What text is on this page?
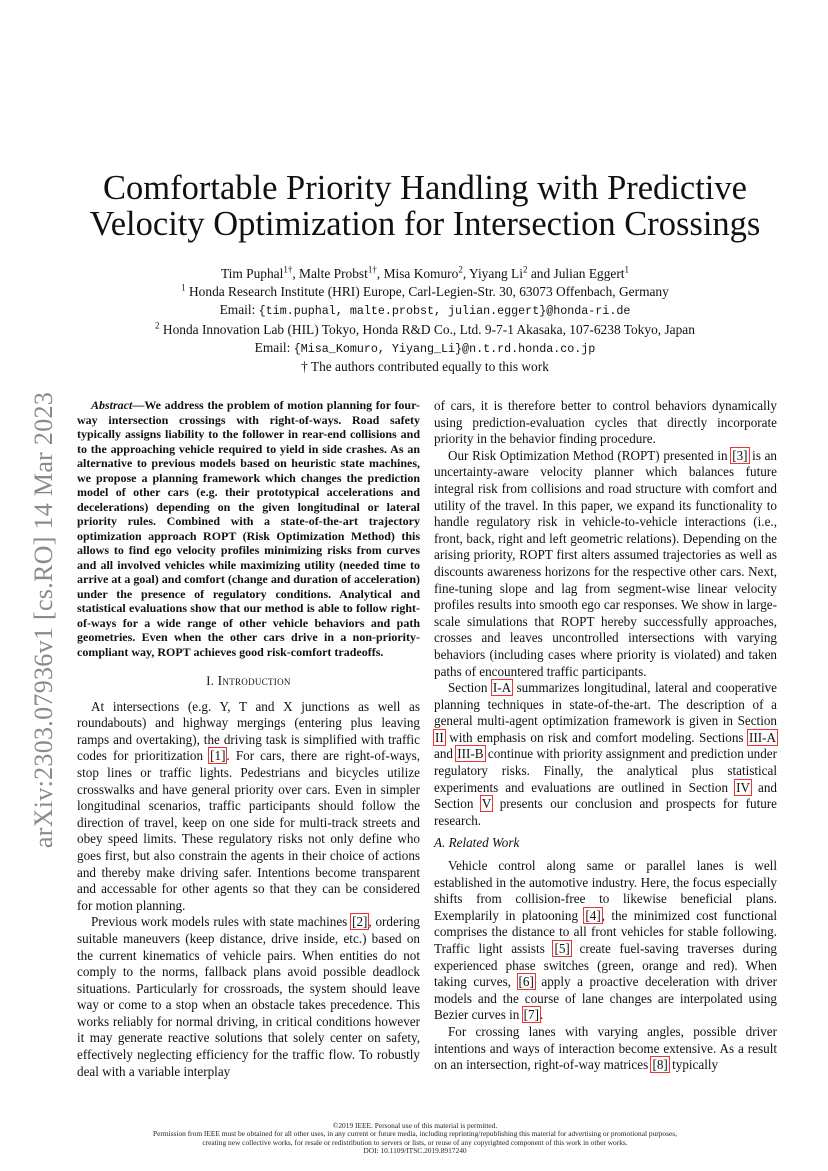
arXiv:2303.07936v1 [cs.RO] 14 Mar 2023
Comfortable Priority Handling with Predictive
Velocity Optimization for Intersection Crossings
Tim Puphal$^{1\dagger}$, Malte Probst$^{1\dagger}$, Misa Komuro$^2$, Yiyang Li$^2$ and Julian Eggert$^1$
$^1$ Honda Research Institute (HRI) Europe, Carl-Legien-Str. 30, 63073 Offenbach, Germany
Email: {tim.puphal, malte.probst, julian.eggert}@honda-ri.de
$^2$ Honda Innovation Lab (HIL) Tokyo, Honda R&D Co., Ltd. 9-7-1 Akasaka, 107-6238 Tokyo, Japan
Email: {Misa_Komuro, Yiyang_Li}@n.t.rd.honda.co.jp
† The authors contributed equally to this work

Abstract—We address the problem of motion planning for four-way intersection crossings with right-of-ways. Road safety typically assigns liability to the follower in rear-end collisions and to the approaching vehicle required to yield in side crashes. As an alternative to previous models based on heuristic state machines, we propose a planning framework which changes the prediction model of other cars (e.g. their prototypical accelerations and decelerations) depending on the given longitudinal or lateral priority rules. Combined with a state-of-the-art trajectory optimization approach ROPT (Risk Optimization Method) this allows to find ego velocity profiles minimizing risks from curves and all involved vehicles while maximizing utility (needed time to arrive at a goal) and comfort (change and duration of acceleration) under the presence of regulatory conditions. Analytical and statistical evaluations show that our method is able to follow right-of-ways for a wide range of other vehicle behaviors and path geometries. Even when the other cars drive in a non-priority-compliant way, ROPT achieves good risk-comfort tradeoffs.

I. Introduction

At intersections (e.g. Y, T and X junctions as well as roundabouts) and highway mergings (entering plus leaving ramps and overtaking), the driving task is simplified with traffic codes for prioritization [1]. For cars, there are right-of-ways, stop lines or traffic lights. Pedestrians and bicycles utilize crosswalks and have general priority over cars. Even in simpler longitudinal scenarios, traffic participants should follow the direction of travel, keep on one side for multi-track streets and obey speed limits. These regulatory risks not only define who goes first, but also constrain the agents in their choice of actions and thereby make driving safer. Intentions become transparent and accessable for other agents so that they can be considered for motion planning.

Previous work models rules with state machines [2], ordering suitable maneuvers (keep distance, drive inside, etc.) based on the current kinematics of vehicle pairs. When entities do not comply to the norms, fallback plans avoid possible deadlock situations. Particularly for crossroads, the system should leave way or come to a stop when an obstacle takes precedence. This works reliably for normal driving, in critical conditions however it may generate reactive solutions that solely center on safety, effectively neglecting efficiency for the traffic flow. To robustly deal with a variable interplay

of cars, it is therefore better to control behaviors dynamically using prediction-evaluation cycles that directly incorporate priority in the behavior finding procedure.

Our Risk Optimization Method (ROPT) presented in [3] is an uncertainty-aware velocity planner which balances future integral risk from collisions and road structure with comfort and utility of the travel. In this paper, we expand its functionality to handle regulatory risk in vehicle-to-vehicle interactions (i.e., front, back, right and left geometric relations). Depending on the arising priority, ROPT first alters assumed trajectories as well as discounts awareness horizons for the respective other cars. Next, fine-tuning slope and lag from segment-wise linear velocity profiles results into smooth ego car responses. We show in large-scale simulations that ROPT hereby successfully approaches, crosses and leaves uncontrolled intersections with varying behaviors (including cases where priority is violated) and taken paths of encountered traffic participants.

Section I-A summarizes longitudinal, lateral and cooperative planning techniques in state-of-the-art. The description of a general multi-agent optimization framework is given in Section II with emphasis on risk and comfort modeling. Sections III-A and III-B continue with priority assignment and prediction under regulatory risks. Finally, the analytical plus statistical experiments and evaluations are outlined in Section IV and Section V presents our conclusion and prospects for future research.

A. Related Work

Vehicle control along same or parallel lanes is well established in the automotive industry. Here, the focus especially shifts from collision-free to likewise beneficial plans. Exemplarily in platooning [4], the minimized cost functional comprises the distance to all front vehicles for stable following. Traffic light assists [5] create fuel-saving traverses during experienced phase switches (green, orange and red). When taking curves, [6] apply a proactive deceleration with driver models and the course of lane changes are interpolated using Bezier curves in [7].

For crossing lanes with varying angles, possible driver intentions and ways of interaction become extensive. As a result on an intersection, right-of-way matrices [8] typically

©2019 IEEE. Personal use of this material is permitted.
Permission from IEEE must be obtained for all other uses, in any current or future media, including reprinting/republishing this material for advertising or promotional purposes,
creating new collective works, for resale or redistribution to servers or lists, or reuse of any copyrighted component of this work in other works.
DOI: 10.1109/ITSC.2019.8917240
